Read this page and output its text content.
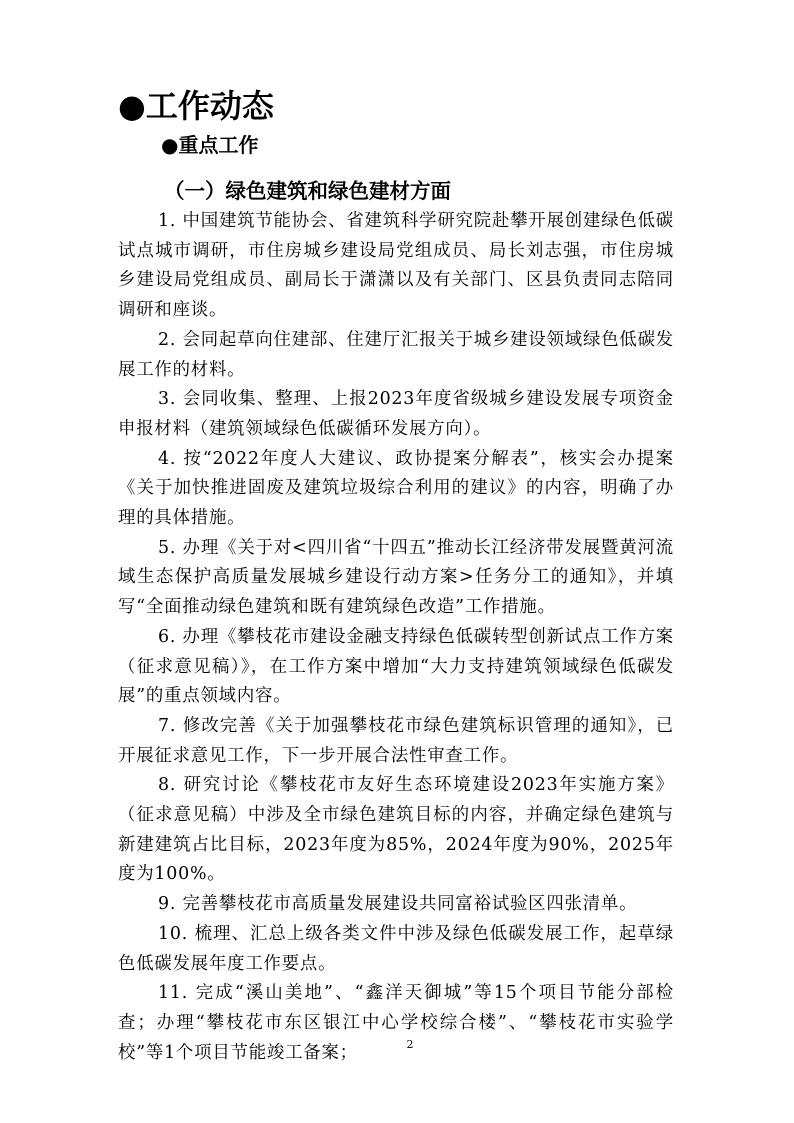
●工作动态
●重点工作
（一）绿色建筑和绿色建材方面

1. 中国建筑节能协会、省建筑科学研究院赴攀开展创建绿色低碳试点城市调研，市住房城乡建设局党组成员、局长刘志强，市住房城乡建设局党组成员、副局长于潇潇以及有关部门、区县负责同志陪同调研和座谈。

2. 会同起草向住建部、住建厅汇报关于城乡建设领域绿色低碳发展工作的材料。

3. 会同收集、整理、上报2023年度省级城乡建设发展专项资金申报材料（建筑领域绿色低碳循环发展方向）。

4. 按“2022年度人大建议、政协提案分解表”，核实会办提案《关于加快推进固废及建筑垃圾综合利用的建议》的内容，明确了办理的具体措施。

5. 办理《关于对<四川省“十四五”推动长江经济带发展暨黄河流域生态保护高质量发展城乡建设行动方案>任务分工的通知》，并填写“全面推动绿色建筑和既有建筑绿色改造”工作措施。

6. 办理《攀枝花市建设金融支持绿色低碳转型创新试点工作方案（征求意见稿）》，在工作方案中增加“大力支持建筑领域绿色低碳发展”的重点领域内容。

7. 修改完善《关于加强攀枝花市绿色建筑标识管理的通知》，已开展征求意见工作，下一步开展合法性审查工作。

8. 研究讨论《攀枝花市友好生态环境建设2023年实施方案》（征求意见稿）中涉及全市绿色建筑目标的内容，并确定绿色建筑与新建建筑占比目标，2023年度为85%，2024年度为90%，2025年度为100%。

9. 完善攀枝花市高质量发展建设共同富裕试验区四张清单。

10. 梳理、汇总上级各类文件中涉及绿色低碳发展工作，起草绿色低碳发展年度工作要点。

11. 完成“溪山美地”、“鑫洋天御城”等15个项目节能分部检查；办理“攀枝花市东区银江中心学校综合楼”、“攀枝花市实验学校”等1个项目节能竣工备案；	2
